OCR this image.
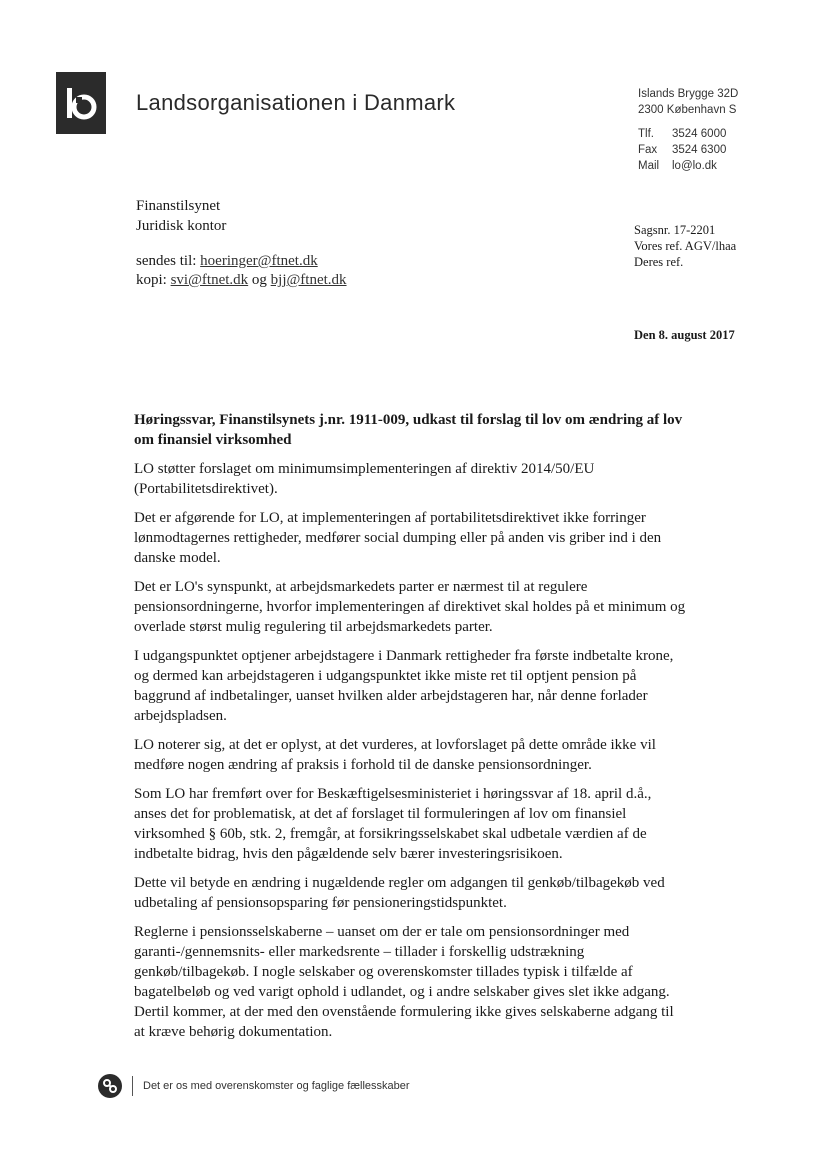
Landsorganisationen i Danmark	Islands Brygge 32D
2300 København S
Tlf. 3524 6000
Fax 3524 6300
Mail lo@lo.dk
Finanstilsynet
Juridisk kontor
sendes til: hoeringer@ftnet.dk
kopi: svi@ftnet.dk og bjj@ftnet.dk
Sagsnr. 17-2201
Vores ref. AGV/lhaa
Deres ref.
Den 8. august 2017

Høringssvar, Finanstilsynets j.nr. 1911-009, udkast til forslag til lov om ændring af lov om finansiel virksomhed

LO støtter forslaget om minimumsimplementeringen af direktiv 2014/50/EU (Portabilitetsdirektivet).

Det er afgørende for LO, at implementeringen af portabilitetsdirektivet ikke forringer lønmodtagernes rettigheder, medfører social dumping eller på anden vis griber ind i den danske model.

Det er LO's synspunkt, at arbejdsmarkedets parter er nærmest til at regulere pensionsordningerne, hvorfor implementeringen af direktivet skal holdes på et minimum og overlade størst mulig regulering til arbejdsmarkedets parter.

I udgangspunktet optjener arbejdstagere i Danmark rettigheder fra første indbetalte krone, og dermed kan arbejdstageren i udgangspunktet ikke miste ret til optjent pension på baggrund af indbetalinger, uanset hvilken alder arbejdstageren har, når denne forlader arbejdspladsen.

LO noterer sig, at det er oplyst, at det vurderes, at lovforslaget på dette område ikke vil medføre nogen ændring af praksis i forhold til de danske pensionsordninger.

Som LO har fremført over for Beskæftigelsesministeriet i høringssvar af 18. april d.å., anses det for problematisk, at det af forslaget til formuleringen af lov om finansiel virksomhed § 60b, stk. 2, fremgår, at forsikringsselskabet skal udbetale værdien af de indbetalte bidrag, hvis den pågældende selv bærer investeringsrisikoen.

Dette vil betyde en ændring i nugældende regler om adgangen til genkøb/tilbagekøb ved udbetaling af pensionsopsparing før pensioneringstidspunktet.

Reglerne i pensionsselskaberne – uanset om der er tale om pensionsordninger med garanti-/gennemsnits- eller markedsrente – tillader i forskellig udstrækning genkøb/tilbagekøb. I nogle selskaber og overenskomster tillades typisk i tilfælde af bagatelbeløb og ved varigt ophold i udlandet, og i andre selskaber gives slet ikke adgang. Dertil kommer, at der med den ovenstående formulering ikke gives selskaberne adgang til at kræve behørig dokumentation.

Det er os med overenskomster og faglige fællesskaber
